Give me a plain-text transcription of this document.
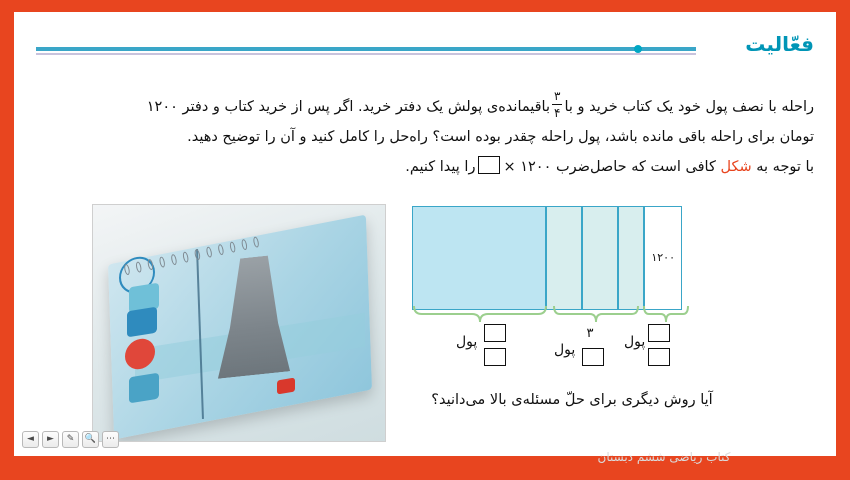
فعّالیت
راحله با نصف پول خود یک کتاب خرید و با
$\frac{۳}{۴}$
باقیمانده‌ی پولش یک دفتر خرید. اگر پس از خرید کتاب و دفتر ۱۲۰۰
تومان برای راحله باقی مانده باشد، پول راحله چقدر بوده است؟ راه‌حل را کامل کنید و آن را توضیح دهید.
با توجه به شکل کافی است که حاصل‌ضرب ۱۲۰۰ ×را پیدا کنیم.
۱۲۰۰
پول	پول
۳
پول
آیا روش دیگری برای حلّ مسئله‌ی بالا می‌دانید؟
کتاب ریاضی ششم دبستان
◄	►	✎	🔍	⋯
